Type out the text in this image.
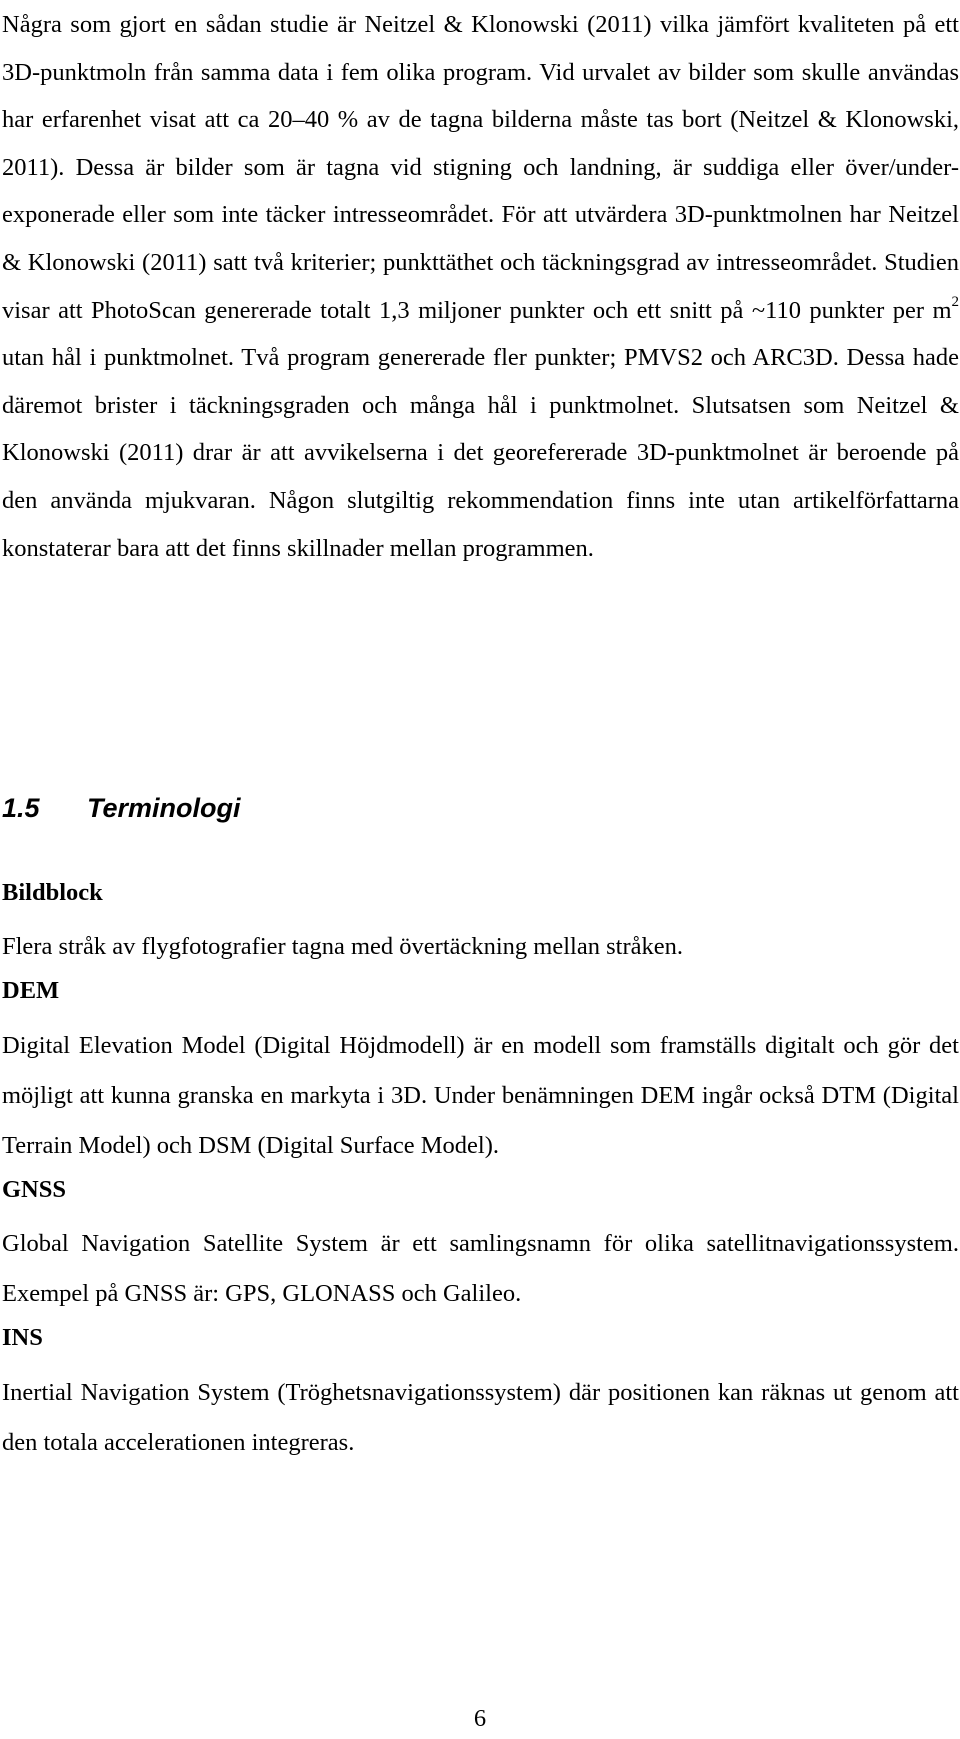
Några som gjort en sådan studie är Neitzel & Klonowski (2011) vilka jämfört kvaliteten på ett 3D-punktmoln från samma data i fem olika program. Vid urvalet av bilder som skulle användas har erfarenhet visat att ca 20–40 % av de tagna bilderna måste tas bort (Neitzel & Klonowski, 2011). Dessa är bilder som är tagna vid stigning och landning, är suddiga eller över/under-exponerade eller som inte täcker intresseområdet. För att utvärdera 3D-punktmolnen har Neitzel & Klonowski (2011) satt två kriterier; punkttäthet och täckningsgrad av intresseområdet. Studien visar att PhotoScan genererade totalt 1,3 miljoner punkter och ett snitt på ~110 punkter per $m^2$ utan hål i punktmolnet. Två program genererade fler punkter; PMVS2 och ARC3D. Dessa hade däremot brister i täckningsgraden och många hål i punktmolnet. Slutsatsen som Neitzel & Klonowski (2011) drar är att avvikelserna i det georefererade 3D-punktmolnet är beroende på den använda mjukvaran. Någon slutgiltig rekommendation finns inte utan artikelförfattarna konstaterar bara att det finns skillnader mellan programmen.

1.5 Terminologi
Bildblock

Flera stråk av flygfotografier tagna med övertäckning mellan stråken.

DEM

Digital Elevation Model (Digital Höjdmodell) är en modell som framställs digitalt och gör det möjligt att kunna granska en markyta i 3D. Under benämningen DEM ingår också DTM (Digital Terrain Model) och DSM (Digital Surface Model).

GNSS

Global Navigation Satellite System är ett samlingsnamn för olika satellitnavigationssystem. Exempel på GNSS är: GPS, GLONASS och Galileo.

INS

Inertial Navigation System (Tröghetsnavigationssystem) där positionen kan räknas ut genom att den totala accelerationen integreras.

6
